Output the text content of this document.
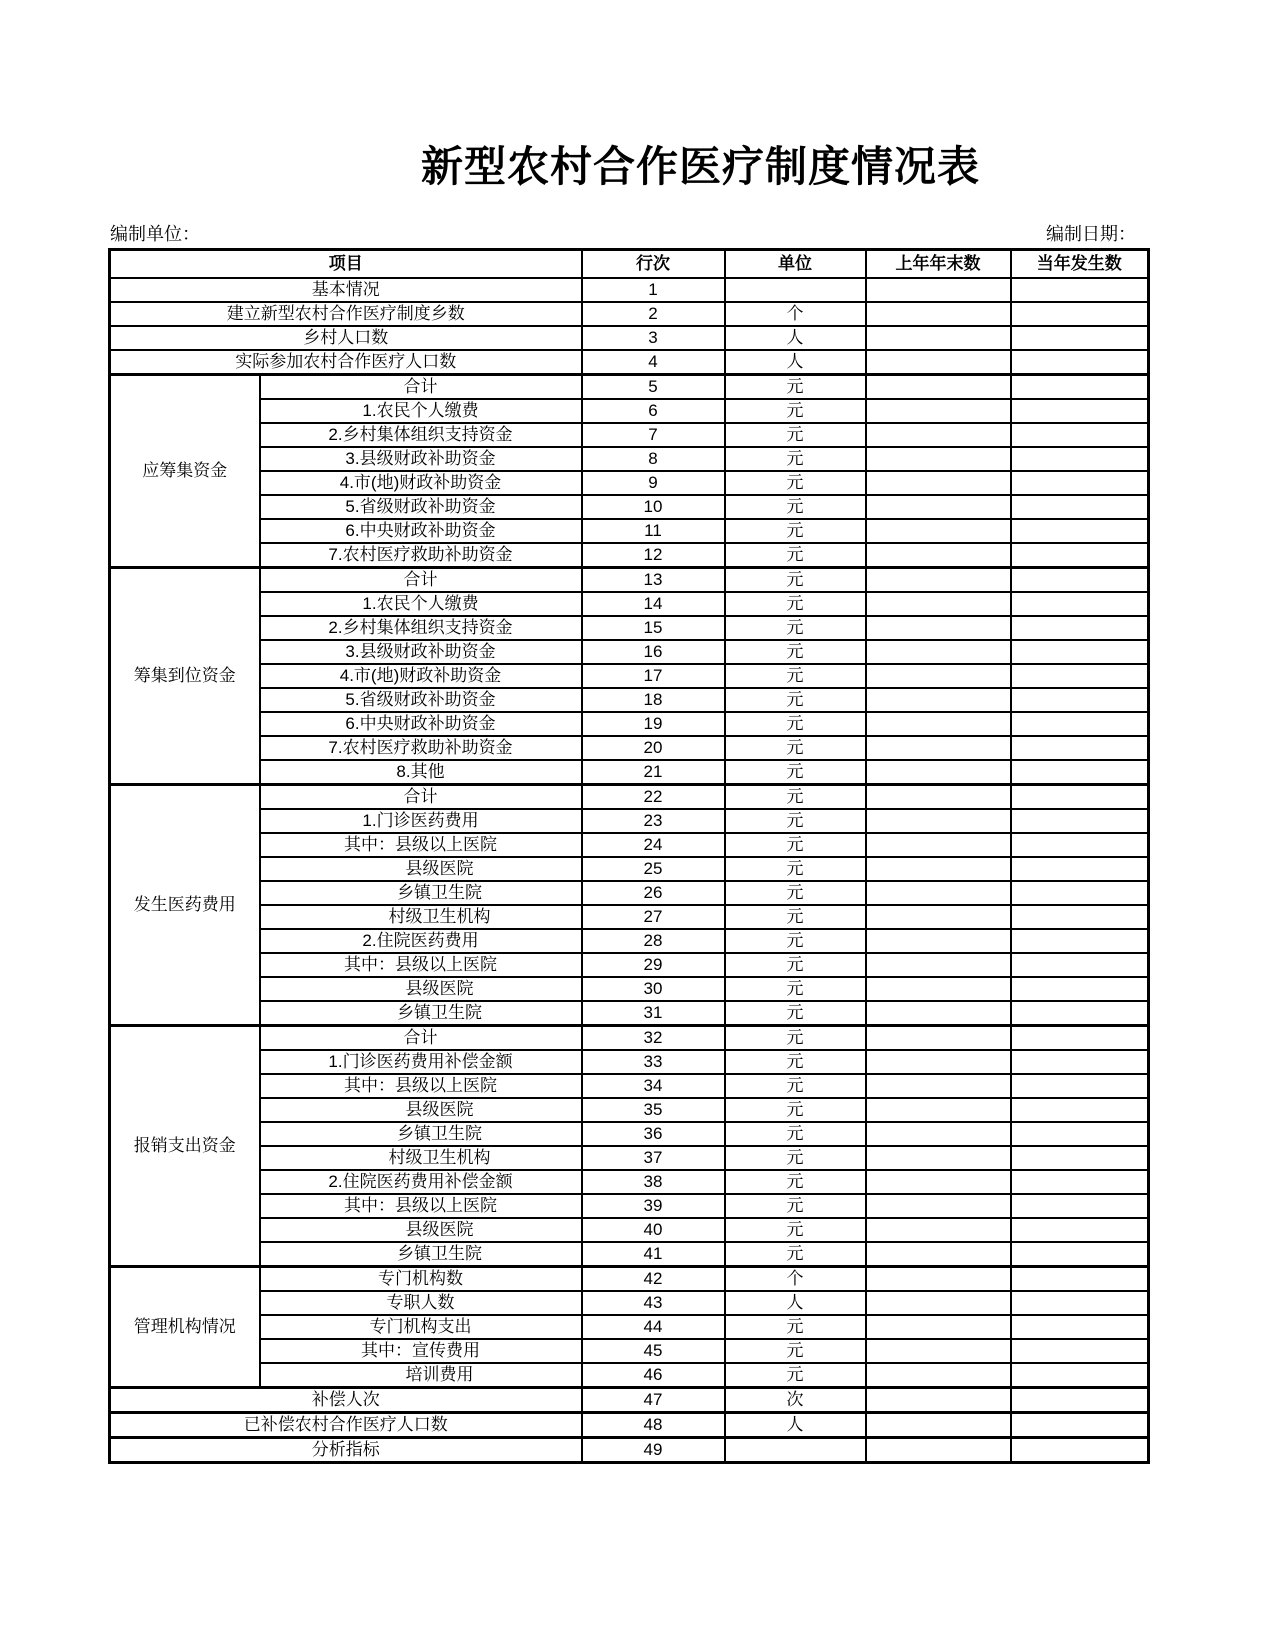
新型农村合作医疗制度情况表
编制单位：	编制日期：
项目		行次	单位	上年年末数	当年发生数
基本情况		1			
建立新型农村合作医疗制度乡数		2	个		
乡村人口数		3	人		
实际参加农村合作医疗人口数		4	人		
应筹集资金	合计	5	元		
	1.农民个人缴费	6	元		
	2.乡村集体组织支持资金	7	元		
	3.县级财政补助资金	8	元		
	4.市(地)财政补助资金	9	元		
	5.省级财政补助资金	10	元		
	6.中央财政补助资金	11	元		
	7.农村医疗救助补助资金	12	元		
筹集到位资金	合计	13	元		
	1.农民个人缴费	14	元		
	2.乡村集体组织支持资金	15	元		
	3.县级财政补助资金	16	元		
	4.市(地)财政补助资金	17	元		
	5.省级财政补助资金	18	元		
	6.中央财政补助资金	19	元		
	7.农村医疗救助补助资金	20	元		
	8.其他	21	元		
发生医药费用	合计	22	元		
	1.门诊医药费用	23	元		
	其中：县级以上医院	24	元		
	县级医院	25	元		
	乡镇卫生院	26	元		
	村级卫生机构	27	元		
	2.住院医药费用	28	元		
	其中：县级以上医院	29	元		
	县级医院	30	元		
	乡镇卫生院	31	元		
报销支出资金	合计	32	元		
	1.门诊医药费用补偿金额	33	元		
	其中：县级以上医院	34	元		
	县级医院	35	元		
	乡镇卫生院	36	元		
	村级卫生机构	37	元		
	2.住院医药费用补偿金额	38	元		
	其中：县级以上医院	39	元		
	县级医院	40	元		
	乡镇卫生院	41	元		
管理机构情况	专门机构数	42	个		
	专职人数	43	人		
	专门机构支出	44	元		
	其中：宣传费用	45	元		
	培训费用	46	元		
补偿人次		47	次		
已补偿农村合作医疗人口数		48	人		
分析指标		49			
